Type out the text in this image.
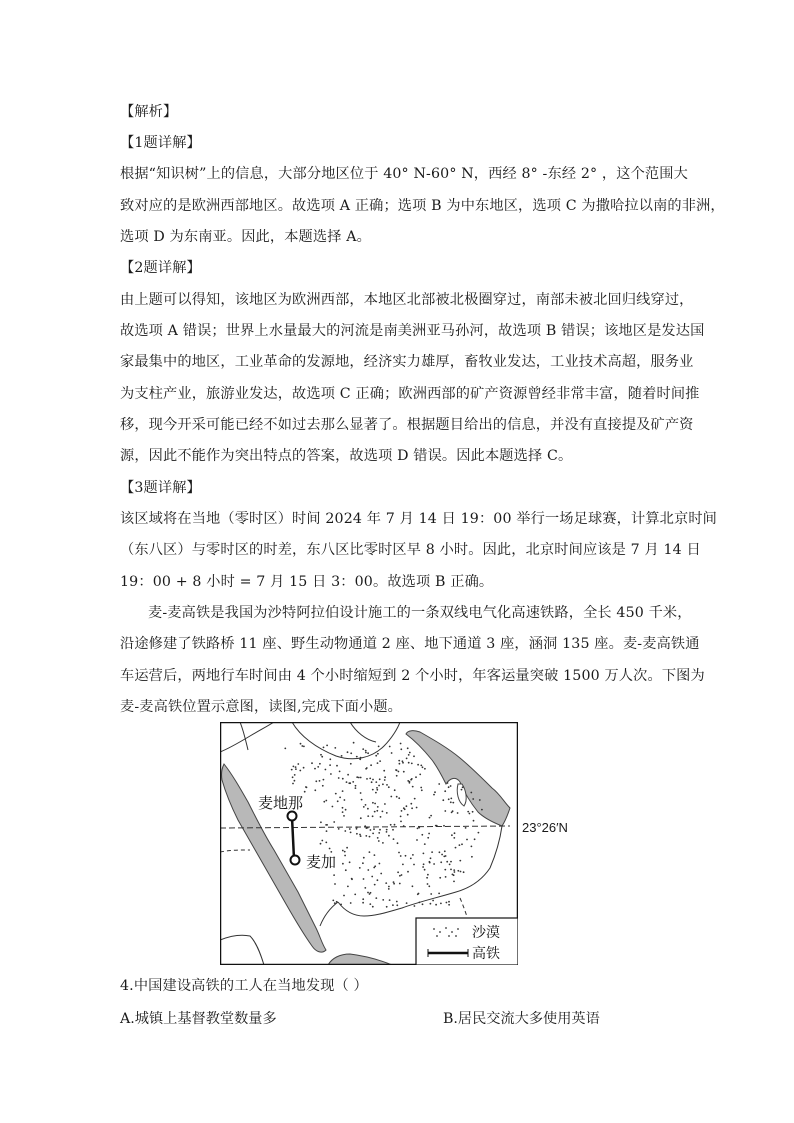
【解析】
【1题详解】
根据“知识树”上的信息，大部分地区位于 40° N-60° N，西经 8° -东经 2° ，这个范围大
致对应的是欧洲西部地区。故选项 A 正确；选项 B 为中东地区，选项 C 为撒哈拉以南的非洲，
选项 D 为东南亚。因此，本题选择 A。
【2题详解】
由上题可以得知，该地区为欧洲西部，本地区北部被北极圈穿过，南部未被北回归线穿过，
故选项 A 错误；世界上水量最大的河流是南美洲亚马孙河，故选项 B 错误；该地区是发达国
家最集中的地区，工业革命的发源地，经济实力雄厚，畜牧业发达，工业技术高超，服务业
为支柱产业，旅游业发达，故选项 C 正确；欧洲西部的矿产资源曾经非常丰富，随着时间推
移，现今开采可能已经不如过去那么显著了。根据题目给出的信息，并没有直接提及矿产资
源，因此不能作为突出特点的答案，故选项 D 错误。因此本题选择 C。
【3题详解】
该区域将在当地（零时区）时间 2024 年 7 月 14 日 19：00 举行一场足球赛，计算北京时间
（东八区）与零时区的时差，东八区比零时区早 8 小时。因此，北京时间应该是 7 月 14 日
19：00 + 8 小时 = 7 月 15 日 3：00。故选项 B 正确。
麦-麦高铁是我国为沙特阿拉伯设计施工的一条双线电气化高速铁路，全长 450 千米，
沿途修建了铁路桥 11 座、野生动物通道 2 座、地下通道 3 座，涵洞 135 座。麦-麦高铁通
车运营后，两地行车时间由 4 个小时缩短到 2 个小时，年客运量突破 1500 万人次。下图为
麦-麦高铁位置示意图，读图,完成下面小题。
麦地那
麦加
沙漠
高铁
23°26′N
4.中国建设高铁的工人在当地发现（ ）
A.城镇上基督教堂数量多	B.居民交流大多使用英语
